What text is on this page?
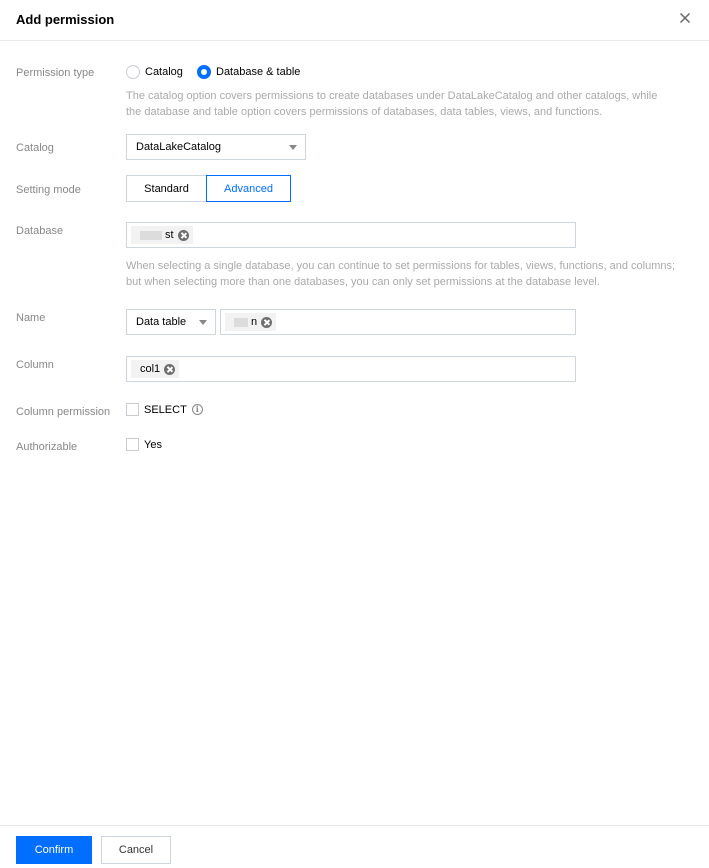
Add permission
Permission type	Catalog	Database & table
The catalog option covers permissions to create databases under DataLakeCatalog and other catalogs, while the database and table option covers permissions of databases, data tables, views, and functions.
Catalog	DataLakeCatalog
Setting mode	Standard	Advanced
Database	st
When selecting a single database, you can continue to set permissions for tables, views, functions, and columns; but when selecting more than one databases, you can only set permissions at the database level.
Name	Data table	n
Column	col1
Column permission	SELECT	i
Authorizable	Yes
Confirm	Cancel
